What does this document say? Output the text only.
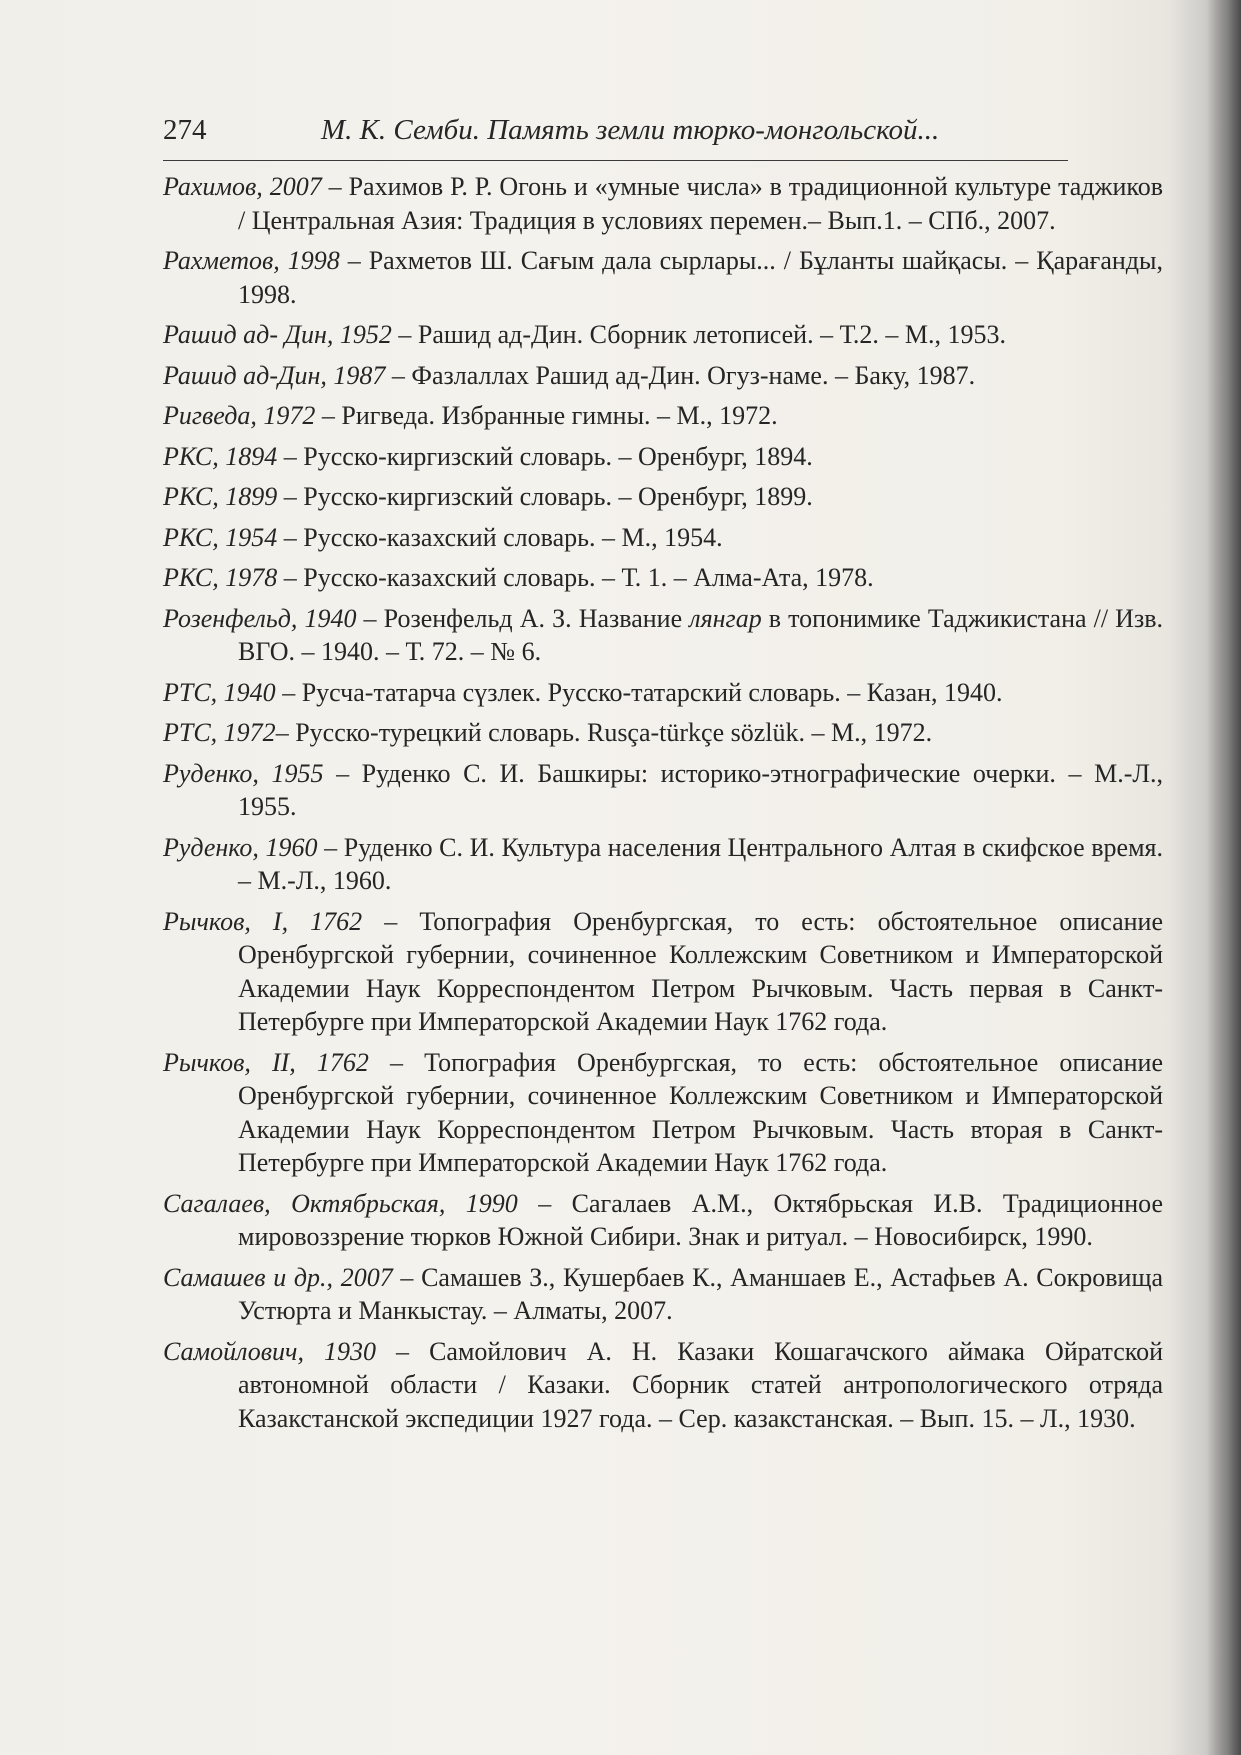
274	М. К. Семби. Память земли тюрко-монгольской...

Рахимов, 2007 – Рахимов Р. Р. Огонь и «умные числа» в традиционной культуре таджиков / Центральная Азия: Традиция в условиях перемен.– Вып.1. – СПб., 2007.

Рахметов, 1998 – Рахметов Ш. Сағым дала сырлары... / Бұланты шайқасы. – Қарағанды, 1998.

Рашид ад- Дин, 1952 – Рашид ад-Дин. Сборник летописей. – Т.2. – М., 1953.

Рашид ад-Дин, 1987 – Фазлаллах Рашид ад-Дин. Огуз-наме. – Баку, 1987.

Ригведа, 1972 – Ригведа. Избранные гимны. – М., 1972.

РКС, 1894 – Русско-киргизский словарь. – Оренбург, 1894.

РКС, 1899 – Русско-киргизский словарь. – Оренбург, 1899.

РКС, 1954 – Русско-казахский словарь. – М., 1954.

РКС, 1978 – Русско-казахский словарь. – Т. 1. – Алма-Ата, 1978.

Розенфельд, 1940 – Розенфельд А. З. Название лянгар в топонимике Таджикистана // Изв. ВГО. – 1940. – Т. 72. – № 6.

РТС, 1940 – Русча-татарча сүзлек. Русско-татарский словарь. – Казан, 1940.

РТС, 1972– Русско-турецкий словарь. Rusça-türkçe sözlük. – М., 1972.

Руденко, 1955 – Руденко С. И. Башкиры: историко-этнографические очерки. – М.-Л., 1955.

Руденко, 1960 – Руденко С. И. Культура населения Центрального Алтая в скифское время. – М.-Л., 1960.

Рычков, I, 1762 – Топография Оренбургская, то есть: обстоятельное описание Оренбургской губернии, сочиненное Коллежским Советником и Императорской Академии Наук Корреспондентом Петром Рычковым. Часть первая в Санкт-Петербурге при Императорской Академии Наук 1762 года.

Рычков, II, 1762 – Топография Оренбургская, то есть: обстоятельное описание Оренбургской губернии, сочиненное Коллежским Советником и Императорской Академии Наук Корреспондентом Петром Рычковым. Часть вторая в Санкт-Петербурге при Императорской Академии Наук 1762 года.

Сагалаев, Октябрьская, 1990 – Сагалаев А.М., Октябрьская И.В. Традиционное мировоззрение тюрков Южной Сибири. Знак и ритуал. – Новосибирск, 1990.

Самашев и др., 2007 – Самашев З., Кушербаев К., Аманшаев Е., Астафьев А. Сокровища Устюрта и Манкыстау. – Алматы, 2007.

Самойлович, 1930 – Самойлович А. Н. Казаки Кошагачского аймака Ойратской автономной области / Казаки. Сборник статей антропологического отряда Казакстанской экспедиции 1927 года. – Сер. казакстанская. – Вып. 15. – Л., 1930.
